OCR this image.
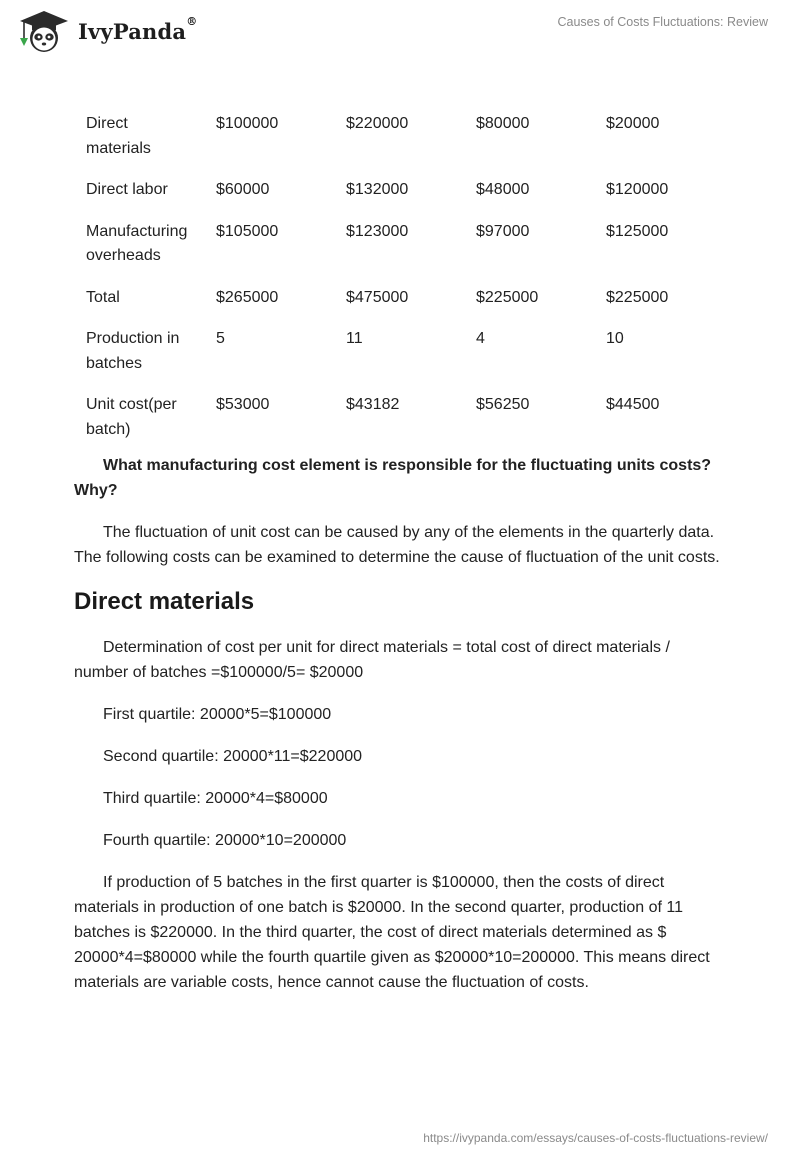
IvyPanda®	Causes of Costs Fluctuations: Review
Direct materials	$100000	$220000	$80000	$20000
Direct labor	$60000	$132000	$48000	$120000
Manufacturing overheads	$105000	$123000	$97000	$125000
Total	$265000	$475000	$225000	$225000
Production in batches	5	11	4	10
Unit cost(per batch)	$53000	$43182	$56250	$44500

What manufacturing cost element is responsible for the fluctuating units costs? Why?

The fluctuation of unit cost can be caused by any of the elements in the quarterly data. The following costs can be examined to determine the cause of fluctuation of the unit costs.

Direct materials

Determination of cost per unit for direct materials = total cost of direct materials / number of batches =$100000/5= $20000

First quartile: 20000*5=$100000

Second quartile: 20000*11=$220000

Third quartile: 20000*4=$80000

Fourth quartile: 20000*10=200000

If production of 5 batches in the first quarter is $100000, then the costs of direct materials in production of one batch is $20000. In the second quarter, production of 11 batches is $220000. In the third quarter, the cost of direct materials determined as $ 20000*4=$80000 while the fourth quartile given as $20000*10=200000. This means direct materials are variable costs, hence cannot cause the fluctuation of costs.

https://ivypanda.com/essays/causes-of-costs-fluctuations-review/
